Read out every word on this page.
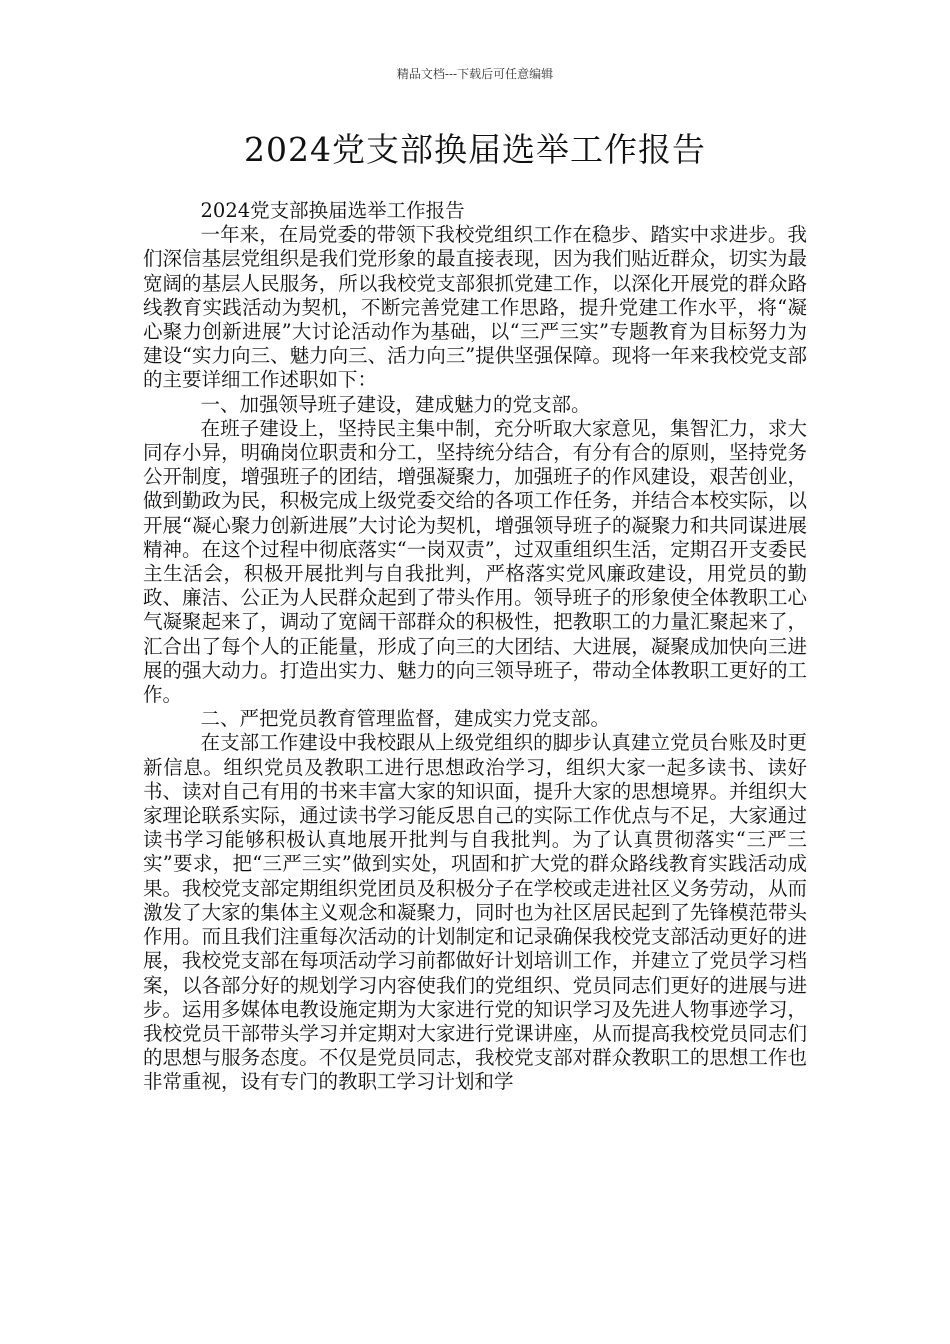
精品文档---下载后可任意编辑
2024党支部换届选举工作报告

2024党支部换届选举工作报告

一年来，在局党委的带领下我校党组织工作在稳步、踏实中求进步。我们深信基层党组织是我们党形象的最直接表现，因为我们贴近群众，切实为最宽阔的基层人民服务，所以我校党支部狠抓党建工作，以深化开展党的群众路线教育实践活动为契机，不断完善党建工作思路，提升党建工作水平，将“凝心聚力创新进展”大讨论活动作为基础，以“三严三实”专题教育为目标努力为建设“实力向三、魅力向三、活力向三”提供坚强保障。现将一年来我校党支部的主要详细工作述职如下：

一、加强领导班子建设，建成魅力的党支部。

在班子建设上，坚持民主集中制，充分听取大家意见，集智汇力，求大同存小异，明确岗位职责和分工，坚持统分结合，有分有合的原则，坚持党务公开制度，增强班子的团结，增强凝聚力，加强班子的作风建设，艰苦创业，做到勤政为民，积极完成上级党委交给的各项工作任务，并结合本校实际，以开展“凝心聚力创新进展”大讨论为契机，增强领导班子的凝聚力和共同谋进展精神。在这个过程中彻底落实“一岗双责”，过双重组织生活，定期召开支委民主生活会，积极开展批判与自我批判，严格落实党风廉政建设，用党员的勤政、廉洁、公正为人民群众起到了带头作用。领导班子的形象使全体教职工心气凝聚起来了，调动了宽阔干部群众的积极性，把教职工的力量汇聚起来了，汇合出了每个人的正能量，形成了向三的大团结、大进展，凝聚成加快向三进展的强大动力。打造出实力、魅力的向三领导班子，带动全体教职工更好的工作。

二、严把党员教育管理监督，建成实力党支部。

在支部工作建设中我校跟从上级党组织的脚步认真建立党员台账及时更新信息。组织党员及教职工进行思想政治学习，组织大家一起多读书、读好书、读对自己有用的书来丰富大家的知识面，提升大家的思想境界。并组织大家理论联系实际，通过读书学习能反思自己的实际工作优点与不足，大家通过读书学习能够积极认真地展开批判与自我批判。为了认真贯彻落实“三严三实”要求，把“三严三实”做到实处，巩固和扩大党的群众路线教育实践活动成果。我校党支部定期组织党团员及积极分子在学校或走进社区义务劳动，从而激发了大家的集体主义观念和凝聚力，同时也为社区居民起到了先锋模范带头作用。而且我们注重每次活动的计划制定和记录确保我校党支部活动更好的进展，我校党支部在每项活动学习前都做好计划培训工作，并建立了党员学习档案，以各部分好的规划学习内容使我们的党组织、党员同志们更好的进展与进步。运用多媒体电教设施定期为大家进行党的知识学习及先进人物事迹学习，我校党员干部带头学习并定期对大家进行党课讲座，从而提高我校党员同志们的思想与服务态度。不仅是党员同志，我校党支部对群众教职工的思想工作也非常重视，设有专门的教职工学习计划和学
